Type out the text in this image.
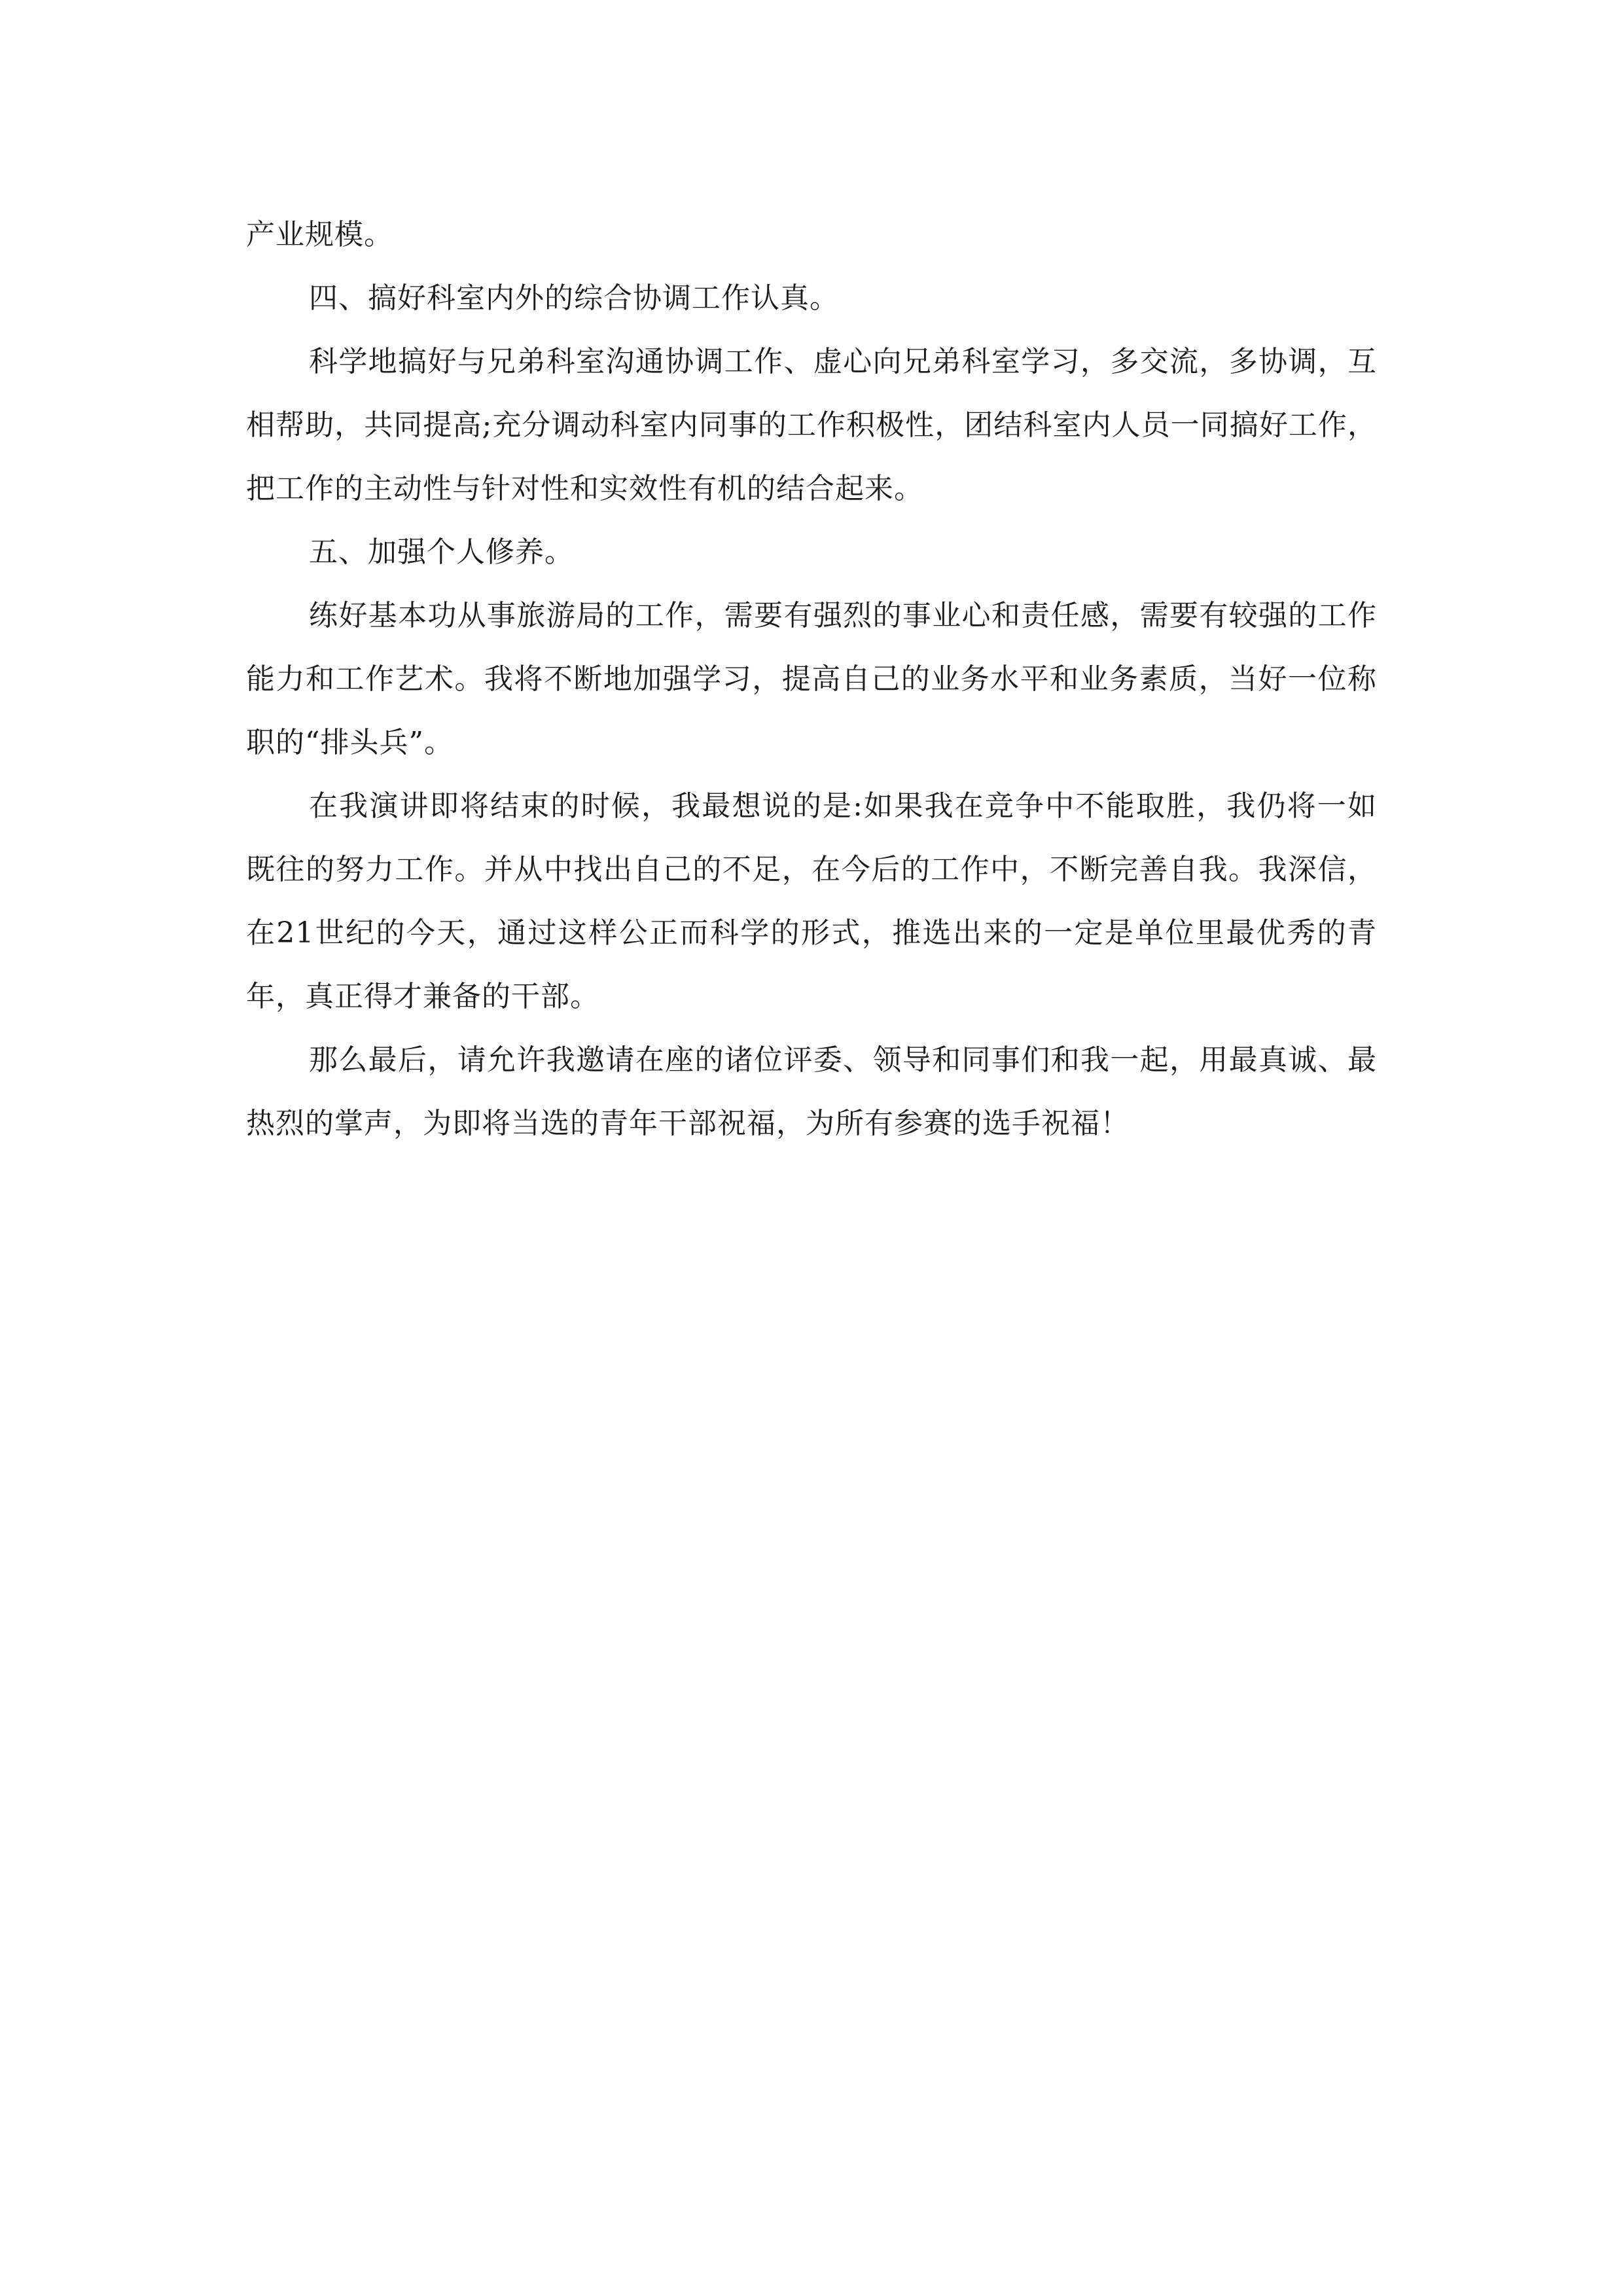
产业规模。

四、搞好科室内外的综合协调工作认真。

科学地搞好与兄弟科室沟通协调工作、虚心向兄弟科室学习，多交流，多协调，互相帮助，共同提高;充分调动科室内同事的工作积极性，团结科室内人员一同搞好工作，把工作的主动性与针对性和实效性有机的结合起来。

五、加强个人修养。

练好基本功从事旅游局的工作，需要有强烈的事业心和责任感，需要有较强的工作能力和工作艺术。我将不断地加强学习，提高自己的业务水平和业务素质，当好一位称职的“排头兵”。

在我演讲即将结束的时候，我最想说的是:如果我在竞争中不能取胜，我仍将一如既往的努力工作。并从中找出自己的不足，在今后的工作中，不断完善自我。我深信，在21世纪的今天，通过这样公正而科学的形式，推选出来的一定是单位里最优秀的青年，真正得才兼备的干部。

那么最后，请允许我邀请在座的诸位评委、领导和同事们和我一起，用最真诚、最热烈的掌声，为即将当选的青年干部祝福，为所有参赛的选手祝福！
